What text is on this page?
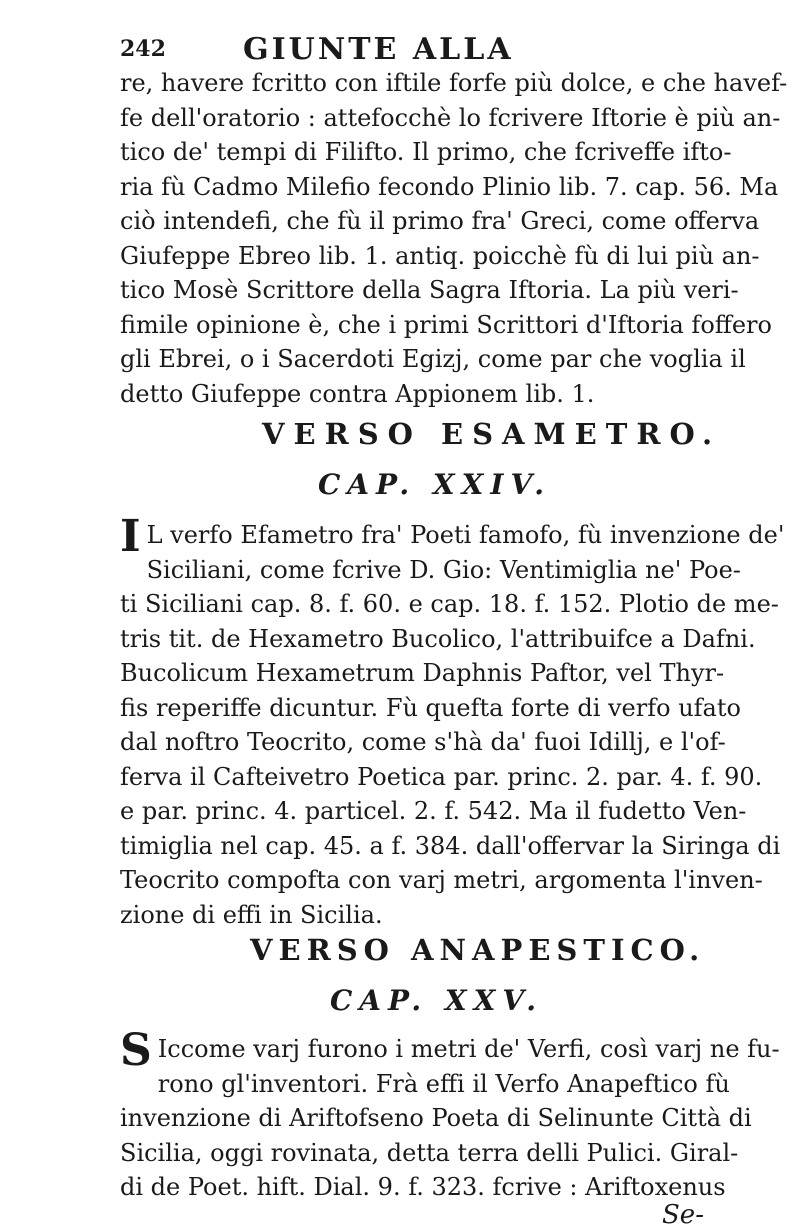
242	GIUNTE ALLA
re, havere fcritto con iftile forfe più dolce, e che havef-
fe dell'oratorio : attefocchè lo fcrivere Iftorie è più an-
tico de' tempi di Filifto. Il primo, che fcriveffe ifto-
ria fù Cadmo Milefio fecondo Plinio lib. 7. cap. 56. Ma
ciò intendefi, che fù il primo fra' Greci, come offerva
Giufeppe Ebreo lib. 1. antiq. poicchè fù di lui più an-
tico Mosè Scrittore della Sagra Iftoria. La più veri-
fimile opinione è, che i primi Scrittori d'Iftoria foffero
gli Ebrei, o i Sacerdoti Egizj, come par che voglia il
detto Giufeppe contra Appionem lib. 1.
VERSO ESAMETRO.
CAP. XXIV.
I L verfo Efametro fra' Poeti famofo, fù invenzione de'
Siciliani, come fcrive D. Gio: Ventimiglia ne' Poe-
ti Siciliani cap. 8. f. 60. e cap. 18. f. 152. Plotio de me-
tris tit. de Hexametro Bucolico, l'attribuifce a Dafni.
Bucolicum Hexametrum Daphnis Paftor, vel Thyr-
fis reperiffe dicuntur. Fù quefta forte di verfo ufato
dal noftro Teocrito, come s'hà da' fuoi Idillj, e l'of-
ferva il Cafteivetro Poetica par. princ. 2. par. 4. f. 90.
e par. princ. 4. particel. 2. f. 542. Ma il fudetto Ven-
timiglia nel cap. 45. a f. 384. dall'offervar la Siringa di
Teocrito compofta con varj metri, argomenta l'inven-
zione di effi in Sicilia.
VERSO ANAPESTICO.
CAP. XXV.
S Iccome varj furono i metri de' Verfi, così varj ne fu-
rono gl'inventori. Frà effi il Verfo Anapeftico fù
invenzione di Ariftofseno Poeta di Selinunte Città di
Sicilia, oggi rovinata, detta terra delli Pulici. Giral-
di de Poet. hift. Dial. 9. f. 323. fcrive : Ariftoxenus
Se-
